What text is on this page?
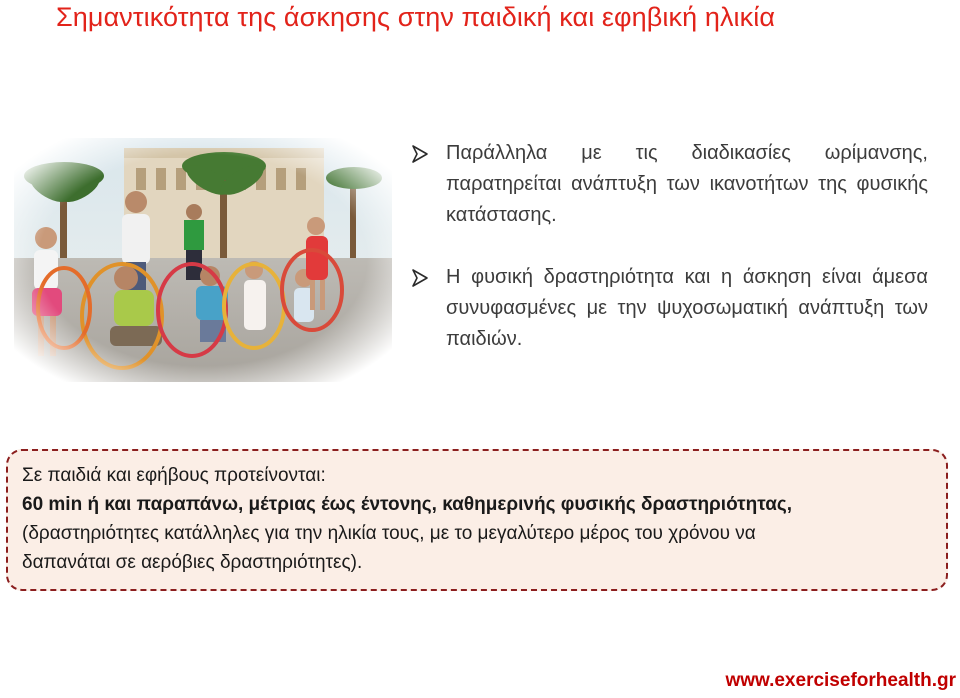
Σημαντικότητα της άσκησης στην παιδική και εφηβική ηλικία
Παράλληλα με τις διαδικασίες ωρίμανσης, παρατηρείται ανάπτυξη των ικανοτήτων της φυσικής κατάστασης.
Η φυσική δραστηριότητα και η άσκηση είναι άμεσα συνυφασμένες με την ψυχοσωματική ανάπτυξη των παιδιών.
Σε παιδιά και εφήβους προτείνονται:
60 min ή και παραπάνω, μέτριας έως έντονης, καθημερινής φυσικής δραστηριότητας,
(δραστηριότητες κατάλληλες για την ηλικία τους, με το μεγαλύτερο μέρος του χρόνου να
δαπανάται σε αερόβιες δραστηριότητες).
www.exerciseforhealth.gr
